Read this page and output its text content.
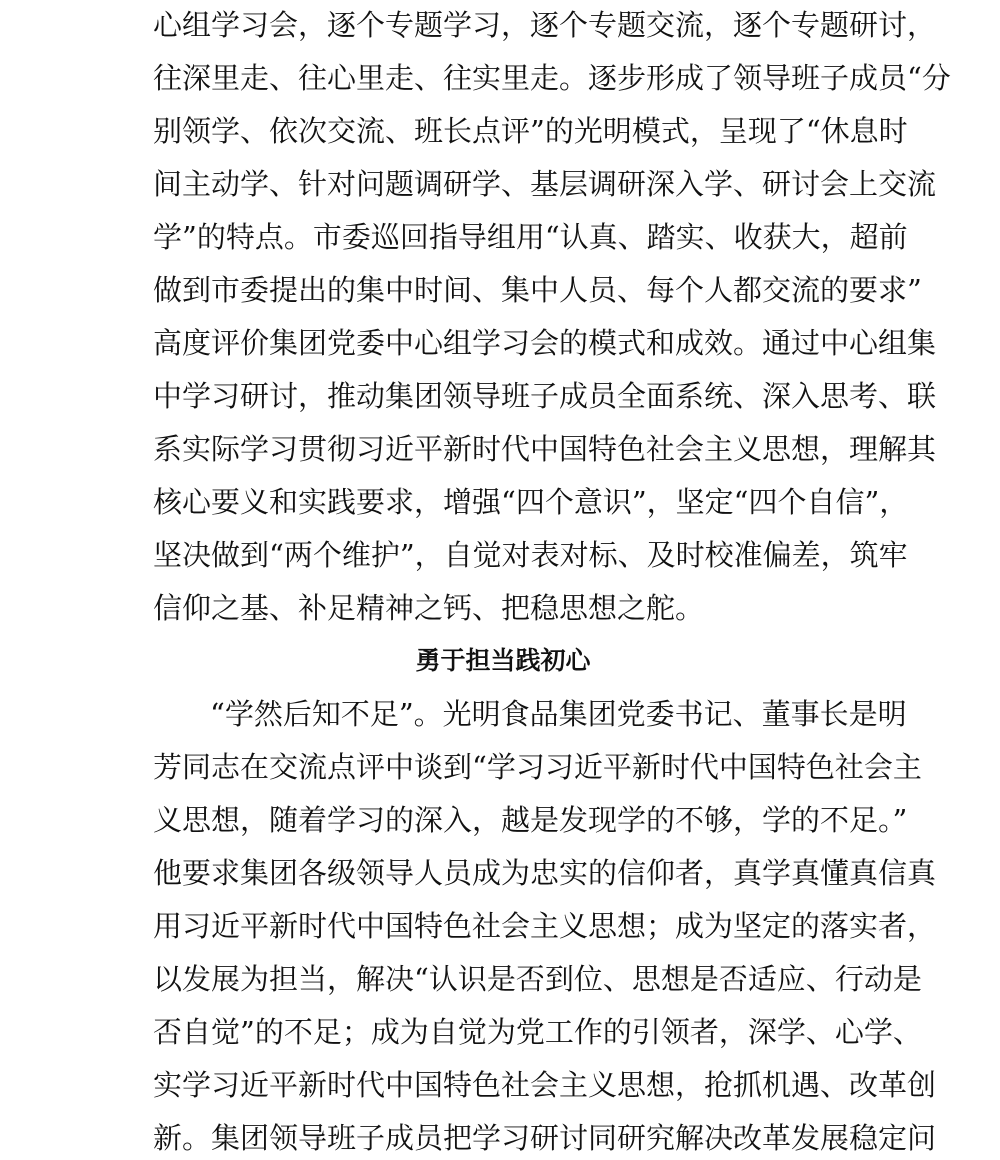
心组学习会，逐个专题学习，逐个专题交流，逐个专题研讨，
往深里走、往心里走、往实里走。逐步形成了领导班子成员“分
别领学、依次交流、班长点评”的光明模式，呈现了“休息时
间主动学、针对问题调研学、基层调研深入学、研讨会上交流
学”的特点。市委巡回指导组用“认真、踏实、收获大，超前
做到市委提出的集中时间、集中人员、每个人都交流的要求”
高度评价集团党委中心组学习会的模式和成效。通过中心组集
中学习研讨，推动集团领导班子成员全面系统、深入思考、联
系实际学习贯彻习近平新时代中国特色社会主义思想，理解其
核心要义和实践要求，增强“四个意识”，坚定“四个自信”，
坚决做到“两个维护”，自觉对表对标、及时校准偏差，筑牢
信仰之基、补足精神之钙、把稳思想之舵。
勇于担当践初心
“学然后知不足”。光明食品集团党委书记、董事长是明
芳同志在交流点评中谈到“学习习近平新时代中国特色社会主
义思想，随着学习的深入，越是发现学的不够，学的不足。”
他要求集团各级领导人员成为忠实的信仰者，真学真懂真信真
用习近平新时代中国特色社会主义思想；成为坚定的落实者，
以发展为担当，解决“认识是否到位、思想是否适应、行动是
否自觉”的不足；成为自觉为党工作的引领者，深学、心学、
实学习近平新时代中国特色社会主义思想，抢抓机遇、改革创
新。集团领导班子成员把学习研讨同研究解决改革发展稳定问
